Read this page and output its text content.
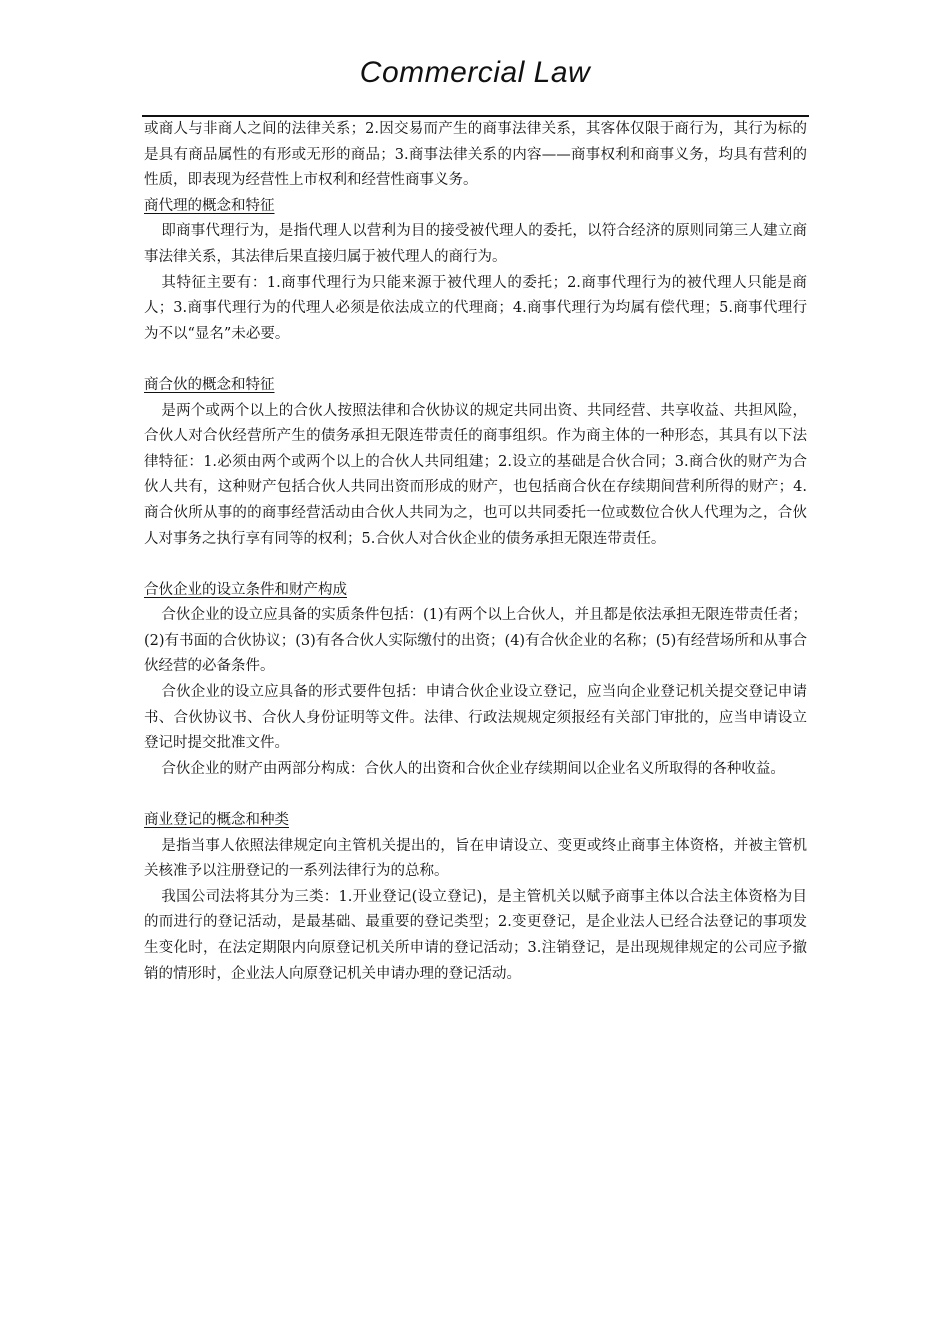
Commercial Law

或商人与非商人之间的法律关系；2.因交易而产生的商事法律关系，其客体仅限于商行为，其行为标的是具有商品属性的有形或无形的商品；3.商事法律关系的内容——商事权利和商事义务，均具有营利的性质，即表现为经营性上市权利和经营性商事义务。

商代理的概念和特征

即商事代理行为，是指代理人以营利为目的接受被代理人的委托，以符合经济的原则同第三人建立商事法律关系，其法律后果直接归属于被代理人的商行为。

其特征主要有：1.商事代理行为只能来源于被代理人的委托；2.商事代理行为的被代理人只能是商人；3.商事代理行为的代理人必须是依法成立的代理商；4.商事代理行为均属有偿代理；5.商事代理行为不以“显名”未必要。

商合伙的概念和特征

是两个或两个以上的合伙人按照法律和合伙协议的规定共同出资、共同经营、共享收益、共担风险，合伙人对合伙经营所产生的债务承担无限连带责任的商事组织。作为商主体的一种形态，其具有以下法律特征：1.必须由两个或两个以上的合伙人共同组建；2.设立的基础是合伙合同；3.商合伙的财产为合伙人共有，这种财产包括合伙人共同出资而形成的财产，也包括商合伙在存续期间营利所得的财产；4.商合伙所从事的的商事经营活动由合伙人共同为之，也可以共同委托一位或数位合伙人代理为之，合伙人对事务之执行享有同等的权利；5.合伙人对合伙企业的债务承担无限连带责任。

合伙企业的设立条件和财产构成

合伙企业的设立应具备的实质条件包括：(1)有两个以上合伙人，并且都是依法承担无限连带责任者；(2)有书面的合伙协议；(3)有各合伙人实际缴付的出资；(4)有合伙企业的名称；(5)有经营场所和从事合伙经营的必备条件。

合伙企业的设立应具备的形式要件包括：申请合伙企业设立登记，应当向企业登记机关提交登记申请书、合伙协议书、合伙人身份证明等文件。法律、行政法规规定须报经有关部门审批的，应当申请设立登记时提交批准文件。

合伙企业的财产由两部分构成：合伙人的出资和合伙企业存续期间以企业名义所取得的各种收益。

商业登记的概念和种类

是指当事人依照法律规定向主管机关提出的，旨在申请设立、变更或终止商事主体资格，并被主管机关核准予以注册登记的一系列法律行为的总称。

我国公司法将其分为三类：1.开业登记(设立登记)，是主管机关以赋予商事主体以合法主体资格为目的而进行的登记活动，是最基础、最重要的登记类型；2.变更登记，是企业法人已经合法登记的事项发生变化时，在法定期限内向原登记机关所申请的登记活动；3.注销登记，是出现规律规定的公司应予撤销的情形时，企业法人向原登记机关申请办理的登记活动。
